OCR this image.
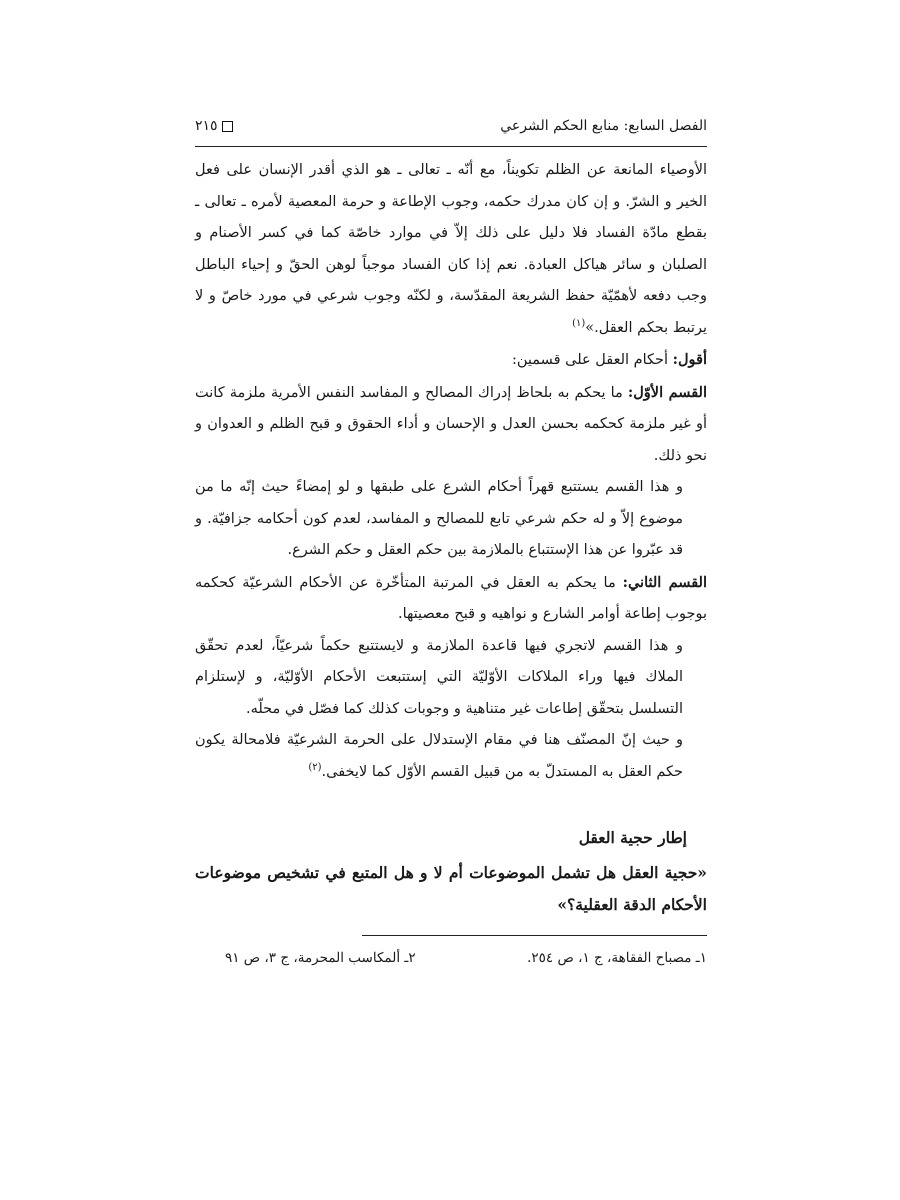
الفصل السابع: منابع الحكم الشرعي
٢١٥

الأوصياء المانعة عن الظلم تكويناً، مع أنّه ـ تعالى ـ هو الذي أقدر الإنسان على فعل الخير و الشرّ. و إن كان مدرك حكمه، وجوب الإطاعة و حرمة المعصية لأمره ـ تعالى ـ بقطع مادّة الفساد فلا دليل على ذلك إلاّ في موارد خاصّة كما في كسر الأصنام و الصلبان و سائر هياكل العبادة. نعم إذا كان الفساد موجباً لوهن الحقّ و إحياء الباطل وجب دفعه لأهمّيّة حفظ الشريعة المقدّسة، و لكنّه وجوب شرعي في مورد خاصّ و لا يرتبط بحكم العقل.»$^{(١)}$

أقول: أحكام العقل على قسمين:

القسم الأوّل: ما يحكم به بلحاظ إدراك المصالح و المفاسد النفس الأمرية ملزمة كانت أو غير ملزمة كحكمه بحسن العدل و الإحسان و أداء الحقوق و قبح الظلم و العدوان و نحو ذلك.

و هذا القسم يستتبع قهراً أحكام الشرع على طبقها و لو إمضاءً حيث إنّه ما من موضوع إلاّ و له حكم شرعي تابع للمصالح و المفاسد، لعدم كون أحكامه جزافيّة. و قد عبّروا عن هذا الإستتباع بالملازمة بين حكم العقل و حكم الشرع.

القسم الثاني: ما يحكم به العقل في المرتبة المتأخّرة عن الأحكام الشرعيّة كحكمه بوجوب إطاعة أوامر الشارع و نواهيه و قبح معصيتها.

و هذا القسم لاتجري فيها قاعدة الملازمة و لايستتبع حكماً شرعيّاً، لعدم تحقّق الملاك فيها وراء الملاكات الأوّليّة التي إستتبعت الأحكام الأوّليّة، و لإستلزام التسلسل بتحقّق إطاعات غير متناهية و وجوبات كذلك كما فصّل في محلّه.

و حيث إنّ المصنّف هنا في مقام الإستدلال على الحرمة الشرعيّة فلامحالة يكون حكم العقل به المستدلّ به من قبيل القسم الأوّل كما لايخفى.$^{(٢)}$

إطار حجية العقل
«حجية العقل هل تشمل الموضوعات أم لا و هل المتبع في تشخيص موضوعات الأحكام الدقة العقلية؟»
١ـ مصباح الفقاهة، ج ١، ص ٢٥٤.
٢ـ ألمكاسب المحرمة، ج ٣، ص ٩١
